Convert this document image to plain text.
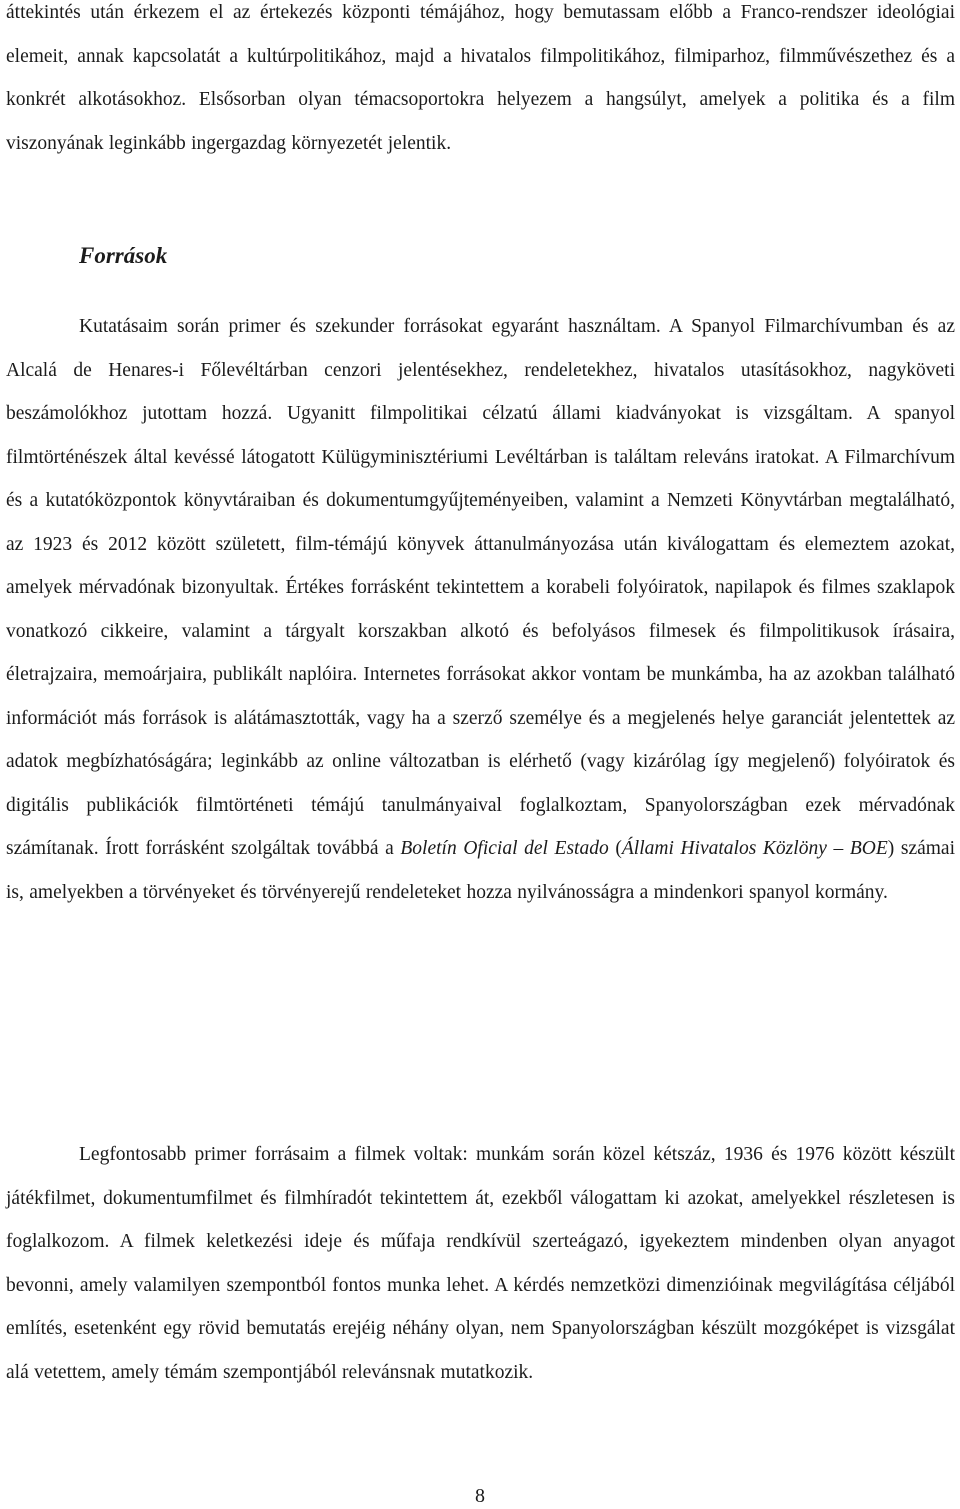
áttekintés után érkezem el az értekezés központi témájához, hogy bemutassam előbb a Franco-rendszer ideológiai elemeit, annak kapcsolatát a kultúrpolitikához, majd a hivatalos filmpolitikához, filmiparhoz, filmművészethez és a konkrét alkotásokhoz. Elsősorban olyan témacsoportokra helyezem a hangsúlyt, amelyek a politika és a film viszonyának leginkább ingergazdag környezetét jelentik.

Források

Kutatásaim során primer és szekunder forrásokat egyaránt használtam. A Spanyol Filmarchívumban és az Alcalá de Henares-i Főlevéltárban cenzori jelentésekhez, rendeletekhez, hivatalos utasításokhoz, nagyköveti beszámolókhoz jutottam hozzá. Ugyanitt filmpolitikai célzatú állami kiadványokat is vizsgáltam. A spanyol filmtörténészek által kevéssé látogatott Külügyminisztériumi Levéltárban is találtam releváns iratokat. A Filmarchívum és a kutatóközpontok könyvtáraiban és dokumentumgyűjteményeiben, valamint a Nemzeti Könyvtárban megtalálható, az 1923 és 2012 között született, film-témájú könyvek áttanulmányozása után kiválogattam és elemeztem azokat, amelyek mérvadónak bizonyultak. Értékes forrásként tekintettem a korabeli folyóiratok, napilapok és filmes szaklapok vonatkozó cikkeire, valamint a tárgyalt korszakban alkotó és befolyásos filmesek és filmpolitikusok írásaira, életrajzaira, memoárjaira, publikált naplóira. Internetes forrásokat akkor vontam be munkámba, ha az azokban található információt más források is alátámasztották, vagy ha a szerző személye és a megjelenés helye garanciát jelentettek az adatok megbízhatóságára; leginkább az online változatban is elérhető (vagy kizárólag így megjelenő) folyóiratok és digitális publikációk filmtörténeti témájú tanulmányaival foglalkoztam, Spanyolországban ezek mérvadónak számítanak. Írott forrásként szolgáltak továbbá a Boletín Oficial del Estado (Állami Hivatalos Közlöny – BOE) számai is, amelyekben a törvényeket és törvényerejű rendeleteket hozza nyilvánosságra a mindenkori spanyol kormány.

Legfontosabb primer forrásaim a filmek voltak: munkám során közel kétszáz, 1936 és 1976 között készült játékfilmet, dokumentumfilmet és filmhíradót tekintettem át, ezekből válogattam ki azokat, amelyekkel részletesen is foglalkozom. A filmek keletkezési ideje és műfaja rendkívül szerteágazó, igyekeztem mindenben olyan anyagot bevonni, amely valamilyen szempontból fontos munka lehet. A kérdés nemzetközi dimenzióinak megvilágítása céljából említés, esetenként egy rövid bemutatás erejéig néhány olyan, nem Spanyolországban készült mozgóképet is vizsgálat alá vetettem, amely témám szempontjából relevánsnak mutatkozik.

8
